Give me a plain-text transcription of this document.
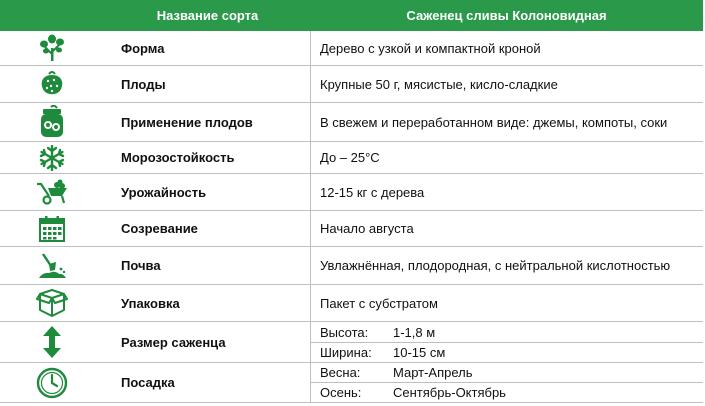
Название сорта	Саженец сливы Колоновидная
Форма	Дерево с узкой и компактной кроной
Плоды	Крупные 50 г, мясистые, кисло-сладкие
Применение плодов	В свежем и переработанном виде: джемы, компоты, соки
Морозостойкость	До – 25°С
Урожайность	12-15 кг с дерева
Созревание	Начало августа
Почва	Увлажнённая, плодородная, с нейтральной кислотностью
Упаковка	Пакет с субстратом
Размер саженца
Высота: 1-1,8 м
Ширина: 10-15 см
Посадка
Весна:	Март-Апрель
Осень: Сентябрь-Октябрь
